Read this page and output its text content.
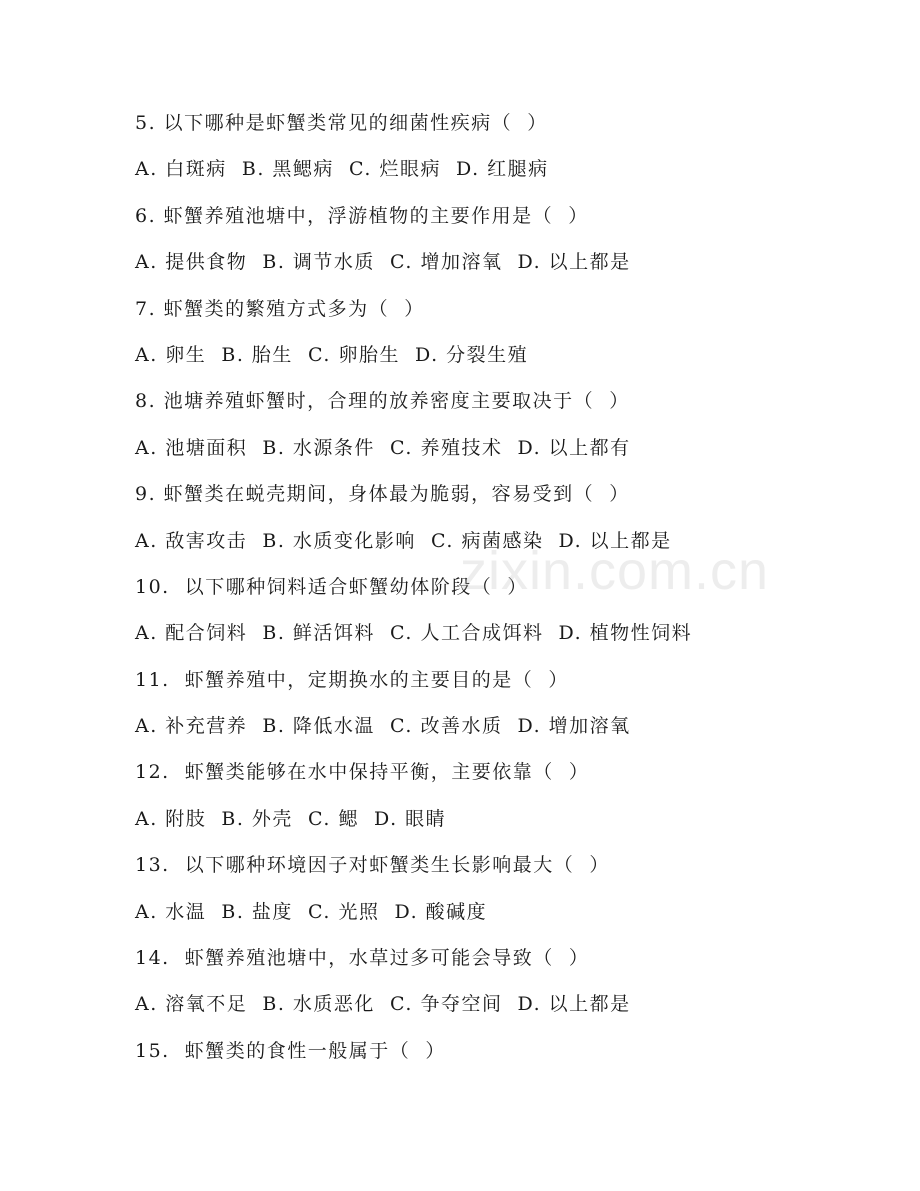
5. 以下哪种是虾蟹类常见的细菌性疾病（  ）
A. 白斑病  B. 黑鳃病  C. 烂眼病  D. 红腿病
6. 虾蟹养殖池塘中，浮游植物的主要作用是（  ）
A. 提供食物  B. 调节水质  C. 增加溶氧  D. 以上都是
7. 虾蟹类的繁殖方式多为（  ）
A. 卵生  B. 胎生  C. 卵胎生  D. 分裂生殖
8. 池塘养殖虾蟹时，合理的放养密度主要取决于（  ）
A. 池塘面积  B. 水源条件  C. 养殖技术  D. 以上都有
9. 虾蟹类在蜕壳期间，身体最为脆弱，容易受到（  ）
A. 敌害攻击  B. 水质变化影响  C. 病菌感染  D. 以上都是
10.  以下哪种饲料适合虾蟹幼体阶段（  ）
A. 配合饲料  B. 鲜活饵料  C. 人工合成饵料  D. 植物性饲料
11.  虾蟹养殖中，定期换水的主要目的是（  ）
A. 补充营养  B. 降低水温  C. 改善水质  D. 增加溶氧
12.  虾蟹类能够在水中保持平衡，主要依靠（  ）
A. 附肢  B. 外壳  C. 鳃  D. 眼睛
13.  以下哪种环境因子对虾蟹类生长影响最大（  ）
A. 水温  B. 盐度  C. 光照  D. 酸碱度
14.  虾蟹养殖池塘中，水草过多可能会导致（  ）
A. 溶氧不足  B. 水质恶化  C. 争夺空间  D. 以上都是
15.  虾蟹类的食性一般属于（  ）
zixin.com.cn
